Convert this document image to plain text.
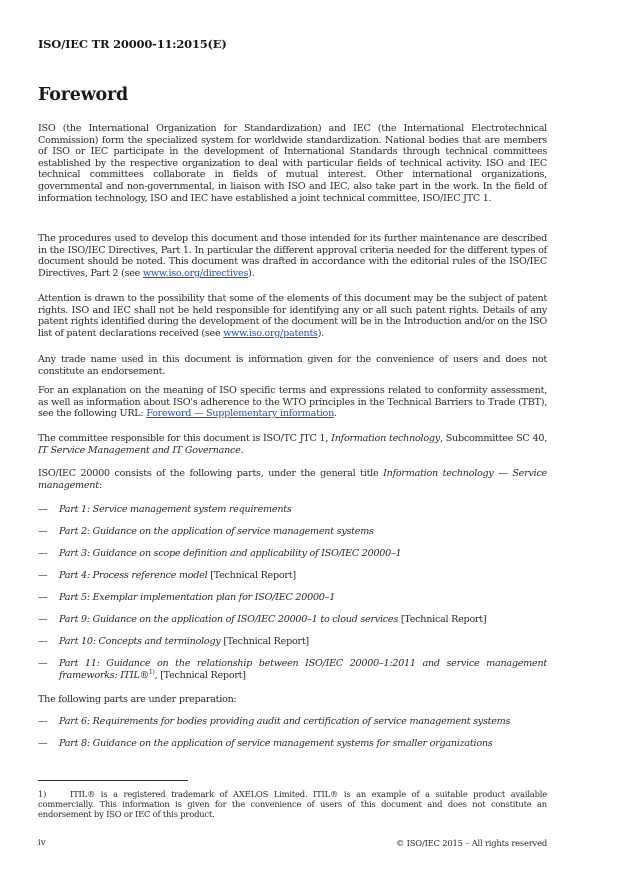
ISO/IEC TR 20000-11:2015(E)
Foreword

ISO (the International Organization for Standardization) and IEC (the International Electrotechnical Commission) form the specialized system for worldwide standardization. National bodies that are members of ISO or IEC participate in the development of International Standards through technical committees established by the respective organization to deal with particular fields of technical activity. ISO and IEC technical committees collaborate in fields of mutual interest. Other international organizations, governmental and non-governmental, in liaison with ISO and IEC, also take part in the work. In the field of information technology, ISO and IEC have established a joint technical committee, ISO/IEC JTC 1.

The procedures used to develop this document and those intended for its further maintenance are described in the ISO/IEC Directives, Part 1. In particular the different approval criteria needed for the different types of document should be noted. This document was drafted in accordance with the editorial rules of the ISO/IEC Directives, Part 2 (see www.iso.org/directives).

Attention is drawn to the possibility that some of the elements of this document may be the subject of patent rights. ISO and IEC shall not be held responsible for identifying any or all such patent rights. Details of any patent rights identified during the development of the document will be in the Introduction and/or on the ISO list of patent declarations received (see www.iso.org/patents).

Any trade name used in this document is information given for the convenience of users and does not constitute an endorsement.

For an explanation on the meaning of ISO specific terms and expressions related to conformity assessment, as well as information about ISO's adherence to the WTO principles in the Technical Barriers to Trade (TBT), see the following URL: Foreword — Supplementary information.

The committee responsible for this document is ISO/TC JTC 1, Information technology, Subcommittee SC 40, IT Service Management and IT Governance.

ISO/IEC 20000 consists of the following parts, under the general title Information technology — Service management:

— Part 1: Service management system requirements
— Part 2: Guidance on the application of service management systems
— Part 3: Guidance on scope definition and applicability of ISO/IEC 20000–1
— Part 4: Process reference model [Technical Report]
— Part 5: Exemplar implementation plan for ISO/IEC 20000–1
— Part 9: Guidance on the application of ISO/IEC 20000–1 to cloud services [Technical Report]
— Part 10: Concepts and terminology [Technical Report]
— Part 11: Guidance on the relationship between ISO/IEC 20000–1:2011 and service management frameworks: ITIL®$^{1)}$, [Technical Report]

The following parts are under preparation:

— Part 6: Requirements for bodies providing audit and certification of service management systems
— Part 8: Guidance on the application of service management systems for smaller organizations
1)	ITIL® is a registered trademark of AXELOS Limited. ITIL® is an example of a suitable product available commercially. This information is given for the convenience of users of this document and does not constitute an endorsement by ISO or IEC of this product.
iv	© ISO/IEC 2015 – All rights reserved
